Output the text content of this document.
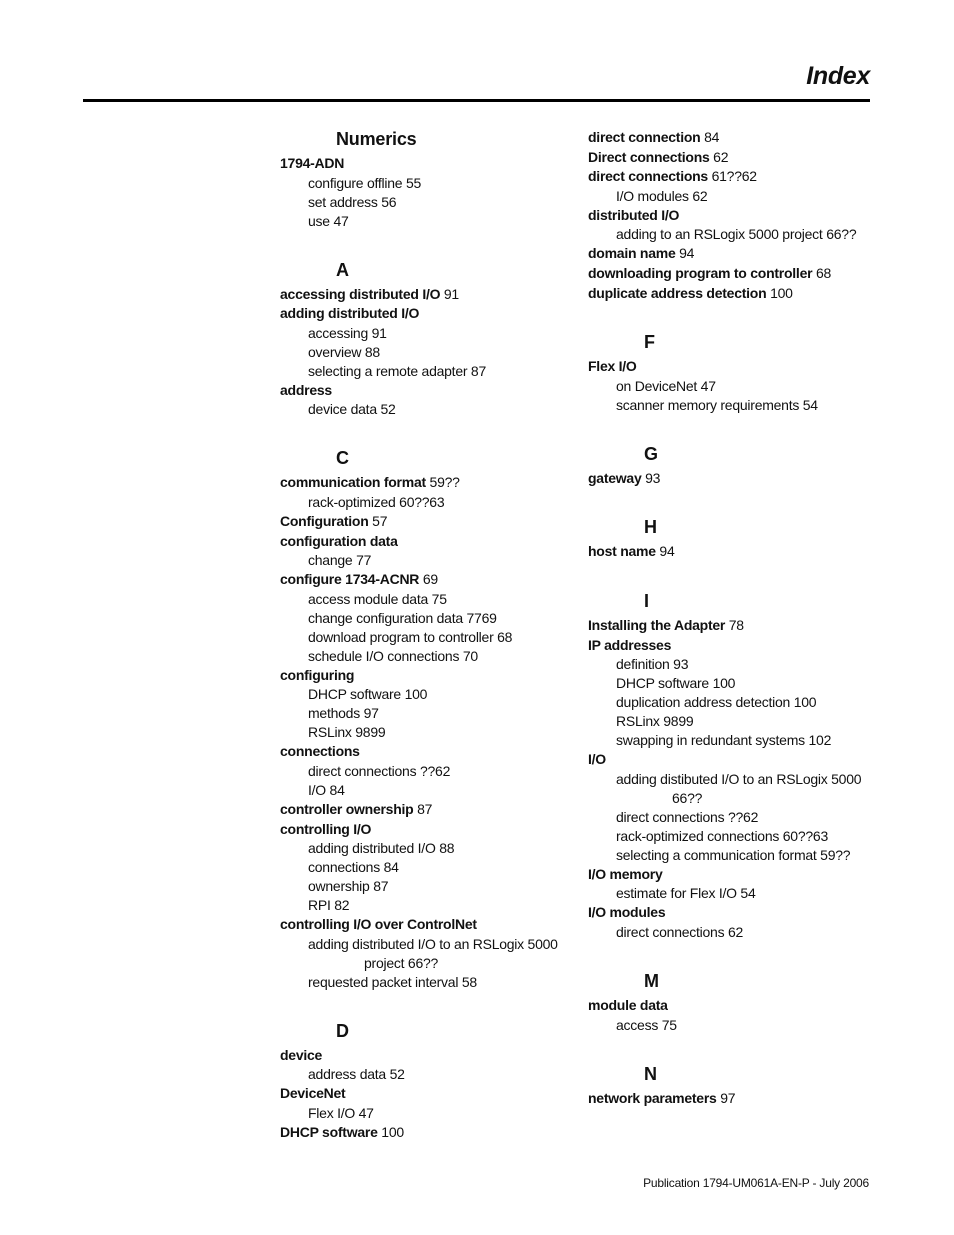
Index
Numerics
1794-ADN
configure offline 55
set address 56
use 47
A
accessing distributed I/O 91
adding distributed I/O
accessing 91
overview 88
selecting a remote adapter 87
address
device data 52
C
communication format 59??
rack-optimized 60??63
Configuration 57
configuration data
change 77
configure 1734-ACNR 69
access module data 75
change configuration data 7769
download program to controller 68
schedule I/O connections 70
configuring
DHCP software 100
methods 97
RSLinx 9899
connections
direct connections ??62
I/O 84
controller ownership 87
controlling I/O
adding distributed I/O 88
connections 84
ownership 87
RPI 82
controlling I/O over ControlNet
adding distributed I/O to an RSLogix 5000
project 66??
requested packet interval 58
D
device
address data 52
DeviceNet
Flex I/O 47
DHCP software 100
direct connection 84
Direct connections 62
direct connections 61??62
I/O modules 62
distributed I/O
adding to an RSLogix 5000 project 66??
domain name 94
downloading program to controller 68
duplicate address detection 100
F
Flex I/O
on DeviceNet 47
scanner memory requirements 54
G
gateway 93
H
host name 94
I
Installing the Adapter 78
IP addresses
definition 93
DHCP software 100
duplication address detection 100
RSLinx 9899
swapping in redundant systems 102
I/O
adding distibuted I/O to an RSLogix 5000
66??
direct connections ??62
rack-optimized connections 60??63
selecting a communication format 59??
I/O memory
estimate for Flex I/O 54
I/O modules
direct connections 62
M
module data
access 75
N
network parameters 97
Publication 1794-UM061A-EN-P - July 2006
